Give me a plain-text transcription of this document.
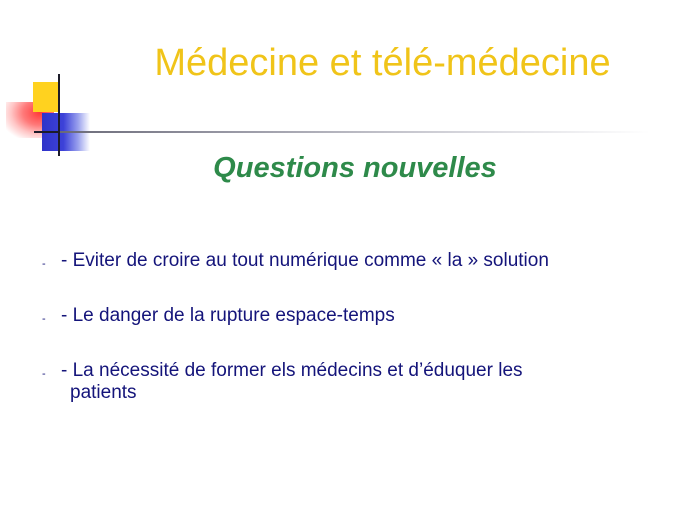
Médecine et télé-médecine
Questions nouvelles
- - Eviter de croire au tout numérique comme « la » solution
- - Le danger de la rupture espace-temps
- - La nécessité de former els médecins et d’éduquer les
patients
